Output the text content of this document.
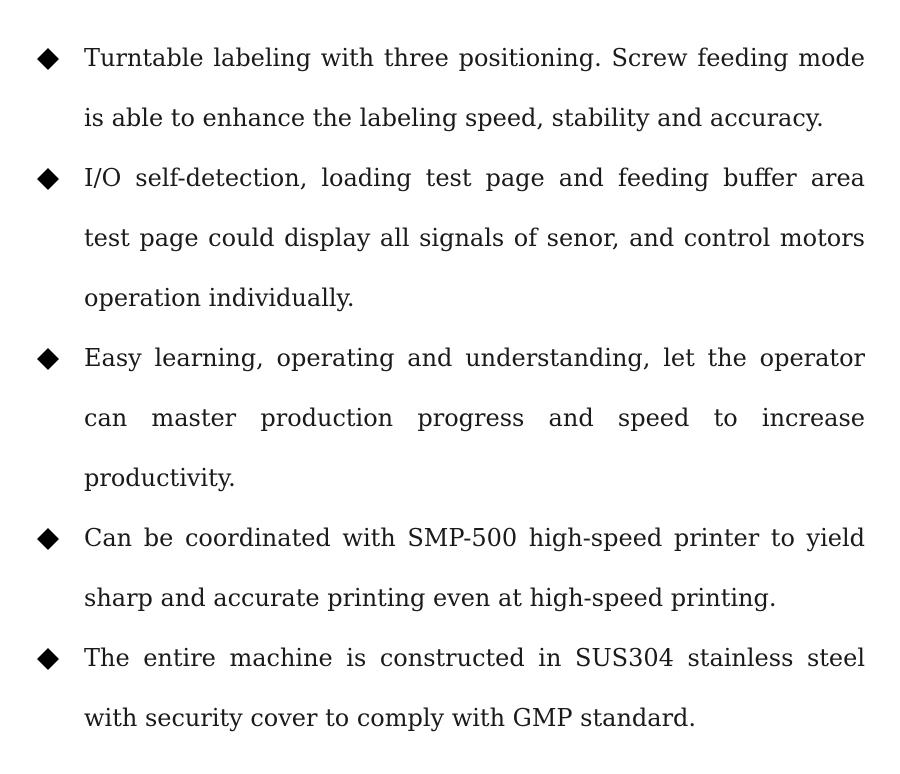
Turntable labeling with three positioning. Screw feeding mode is able to enhance the labeling speed, stability and accuracy.

I/O self-detection, loading test page and feeding buffer area test page could display all signals of senor, and control motors operation individually.

Easy learning, operating and understanding, let the operator can master production progress and speed to increase productivity.

Can be coordinated with SMP-500 high-speed printer to yield sharp and accurate printing even at high-speed printing.

The entire machine is constructed in SUS304 stainless steel with security cover to comply with GMP standard.
